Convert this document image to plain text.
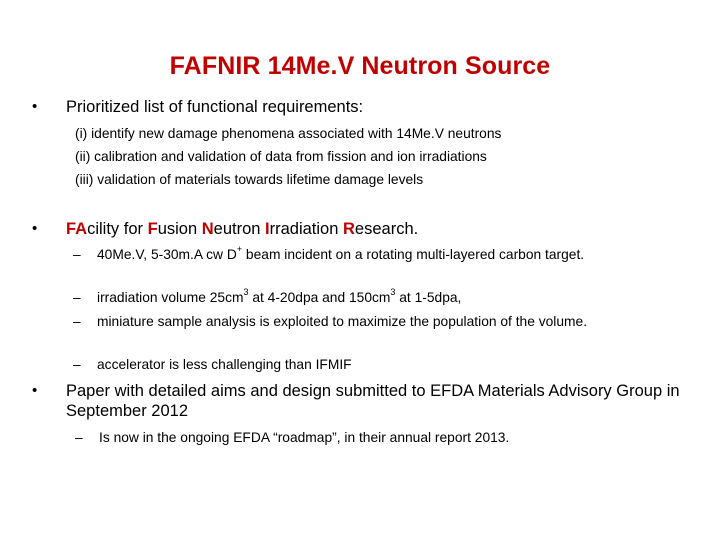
FAFNIR 14Me.V Neutron Source
• Prioritized list of functional requirements:
(i) identify new damage phenomena associated with 14Me.V neutrons
(ii) calibration and validation of data from fission and ion irradiations
(iii) validation of materials towards lifetime damage levels
• FAcility for Fusion Neutron Irradiation Research.
– 40Me.V, 5-30m.A cw D+ beam incident on a rotating multi-layered carbon target.
– irradiation volume $25cm^3$ at 4-20dpa and $150cm^3$ at 1-5dpa,
– miniature sample analysis is exploited to maximize the population of the volume.
– accelerator is less challenging than IFMIF
• Paper with detailed aims and design submitted to EFDA Materials Advisory Group in September 2012
– Is now in the ongoing EFDA “roadmap”, in their annual report 2013.
